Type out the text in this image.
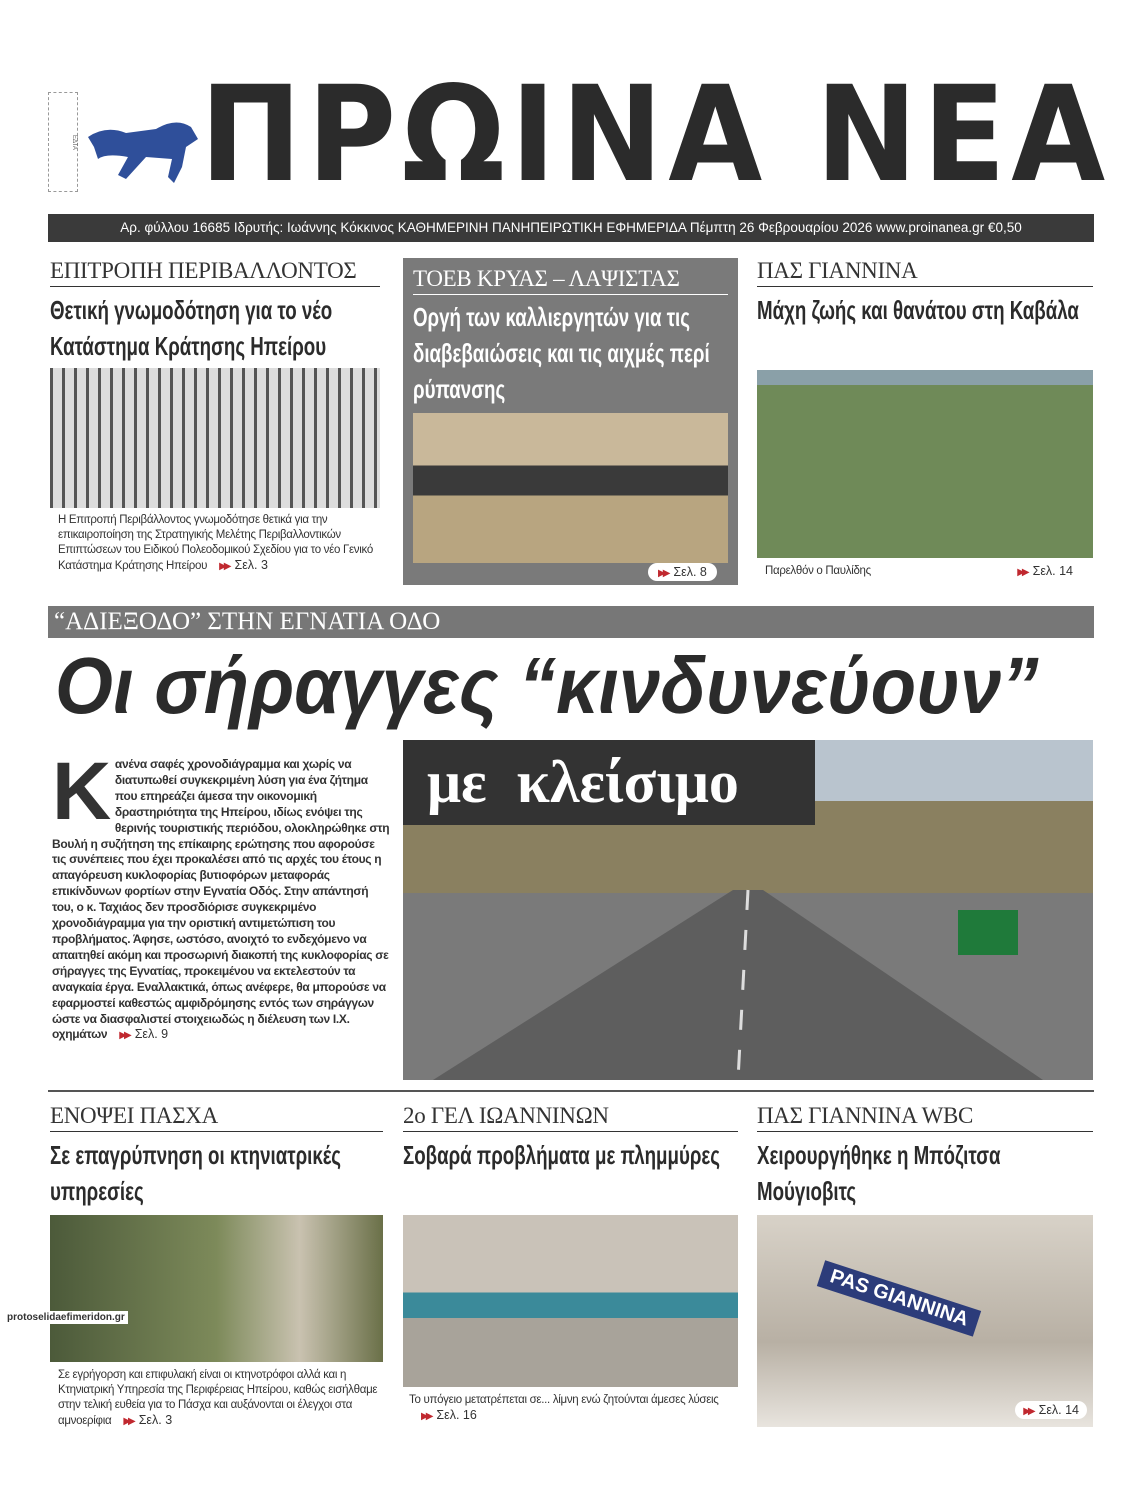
ΕΔΤΑ ΠΡΩΙΝΑ ΝΕΑ
Αρ. φύλλου 16685 Ιδρυτής: Ιωάννης Κόκκινος ΚΑΘΗΜΕΡΙΝΗ ΠΑΝΗΠΕΙΡΩΤΙΚΗ ΕΦΗΜΕΡΙΔΑ Πέμπτη 26 Φεβρουαρίου 2026 www.proinanea.gr €0,50
ΕΠΙΤΡΟΠΗ ΠΕΡΙΒΑΛΛΟΝΤΟΣ
Θετική γνωμοδότηση για το νέο Κατάστημα Κράτησης Ηπείρου
Η Επιτροπή Περιβάλλοντος γνωμοδότησε θετικά για την επικαιροποίηση της Στρατηγικής Μελέτης Περιβαλλοντικών Επιπτώσεων του Ειδικού Πολεοδομικού Σχεδίου για το νέο Γενικό Κατάστημα Κράτησης Ηπείρου ▶▶ Σελ. 3
ΤΟΕΒ ΚΡΥΑΣ – ΛΑΨΙΣΤΑΣ
Οργή των καλλιεργητών για τις διαβεβαιώσεις και τις αιχμές περί ρύπανσης
▶▶ Σελ. 8
ΠΑΣ ΓΙΑΝΝΙΝΑ
Μάχη ζωής και θανάτου στη Καβάλα
Παρελθόν ο Παυλίδης	▶▶ Σελ. 14
“ΑΔΙΕΞΟΔΟ” ΣΤΗΝ ΕΓΝΑΤΙΑ ΟΔΟ
Οι σήραγγες “κινδυνεύουν”
με  κλείσιμο
Κανένα σαφές χρονοδιάγραμμα και χωρίς να διατυπωθεί συγκεκριμένη λύση για ένα ζήτημα που επηρεάζει άμεσα την οικονομική δραστηριότητα της Ηπείρου, ιδίως ενόψει της θερινής τουριστικής περιόδου, ολοκληρώθηκε στη Βουλή η συζήτηση της επίκαιρης ερώτησης που αφορούσε τις συνέπειες που έχει προκαλέσει από τις αρχές του έτους η απαγόρευση κυκλοφορίας βυτιοφόρων μεταφοράς επικίνδυνων φορτίων στην Εγνατία Οδός. Στην απάντησή του, ο κ. Ταχιάος δεν προσδιόρισε συγκεκριμένο χρονοδιάγραμμα για την οριστική αντιμετώπιση του προβλήματος. Άφησε, ωστόσο, ανοιχτό το ενδεχόμενο να απαιτηθεί ακόμη και προσωρινή διακοπή της κυκλοφορίας σε σήραγγες της Εγνατίας, προκειμένου να εκτελεστούν τα αναγκαία έργα. Εναλλακτικά, όπως ανέφερε, θα μπορούσε να εφαρμοστεί καθεστώς αμφιδρόμησης εντός των σηράγγων ώστε να διασφαλιστεί στοιχειωδώς η διέλευση των Ι.Χ. οχημάτων ▶▶ Σελ. 9
ΕΝΟΨΕΙ ΠΑΣΧΑ
Σε επαγρύπνηση οι κτηνιατρικές υπηρεσίες
Σε εγρήγορση και επιφυλακή είναι οι κτηνοτρόφοι αλλά και η Κτηνιατρική Υπηρεσία της Περιφέρειας Ηπείρου, καθώς εισήλθαμε στην τελική ευθεία για το Πάσχα και αυξάνονται οι έλεγχοι στα αμνοερίφια ▶▶ Σελ. 3
2ο ΓΕΛ ΙΩΑΝΝΙΝΩΝ
Σοβαρά προβλήματα με πλημμύρες
Το υπόγειο μετατρέπεται σε... λίμνη ενώ ζητούνται άμεσες λύσεις▶▶ Σελ. 16
ΠΑΣ ΓΙΑΝΝΙΝΑ WBC
Χειρουργήθηκε η Μπόζιτσα Μούγιοβιτς
PAS GIANNINA
▶▶ Σελ. 14
protoselidaefimeridon.gr
